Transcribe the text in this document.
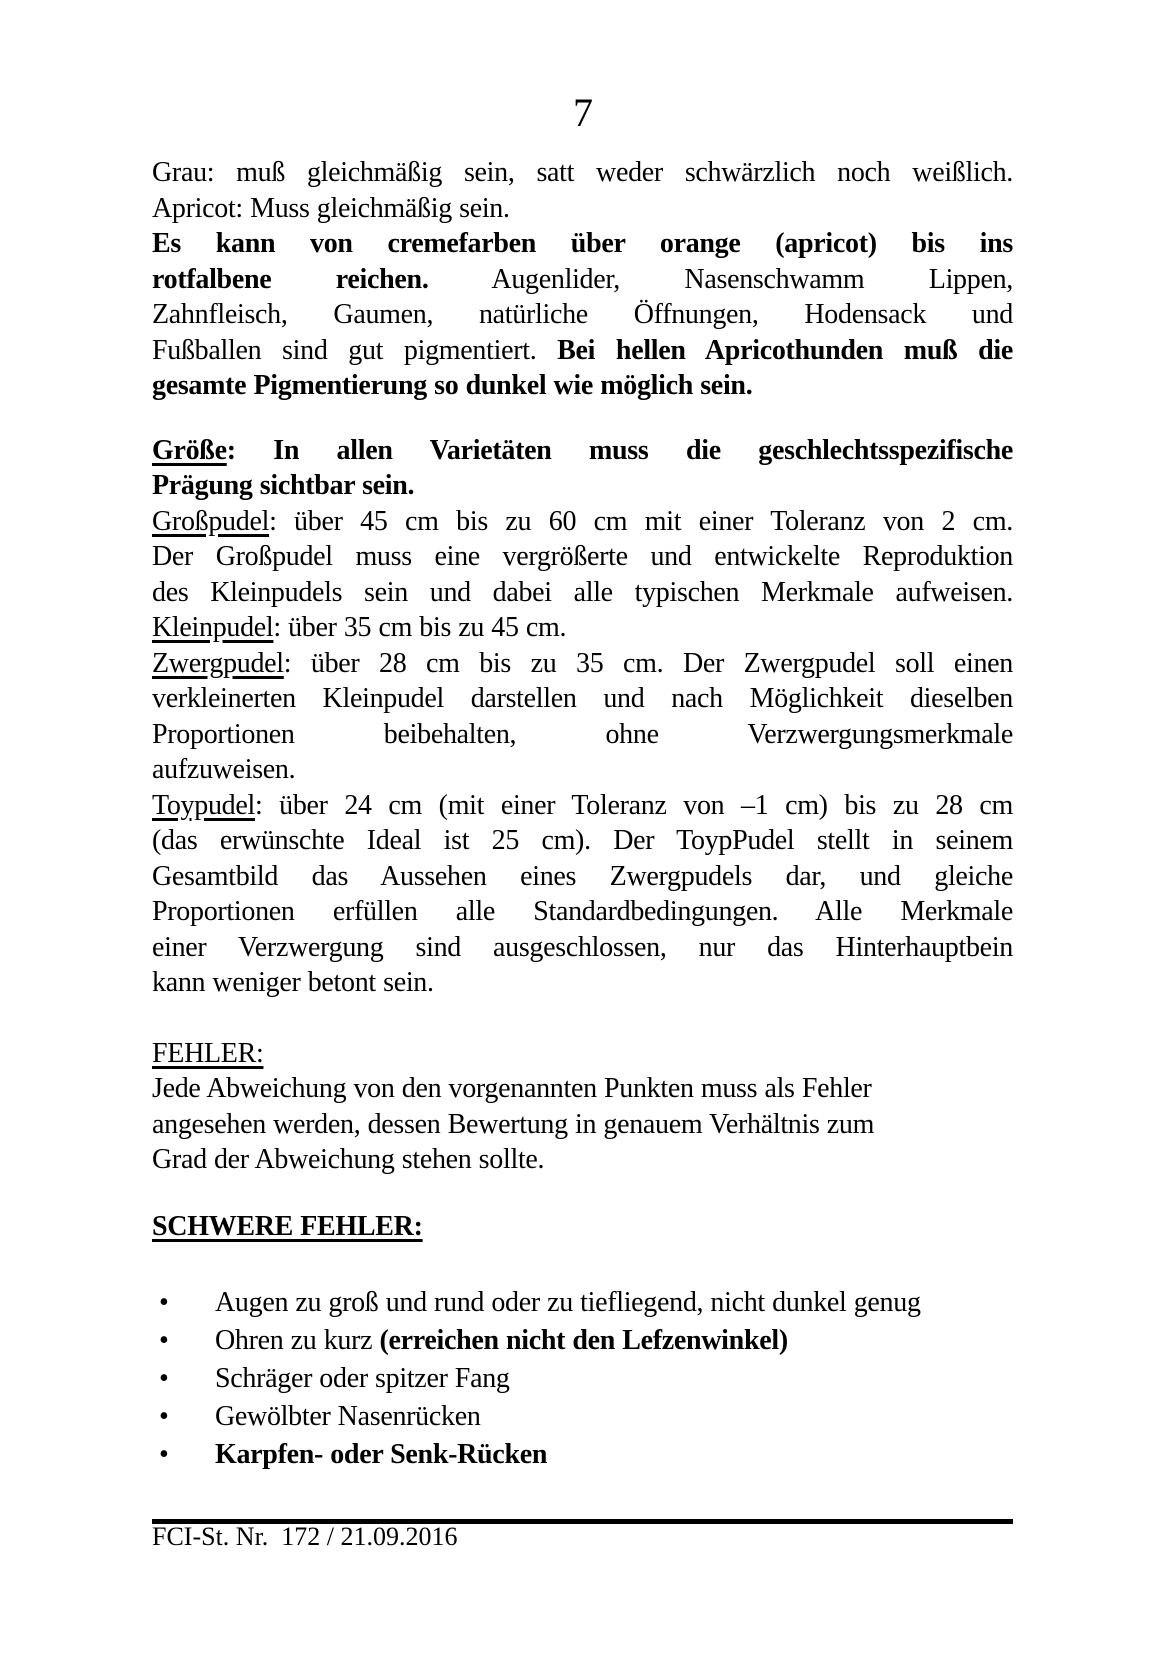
7
Grau: muß gleichmäßig sein, satt weder schwärzlich noch weißlich.
Apricot: Muss gleichmäßig sein.
Es kann von cremefarben über orange (apricot) bis ins
rotfalbene reichen. Augenlider, Nasenschwamm Lippen,
Zahnfleisch, Gaumen, natürliche Öffnungen, Hodensack und
Fußballen sind gut pigmentiert. Bei hellen Apricothunden muß die
gesamte Pigmentierung so dunkel wie möglich sein.
Größe: In allen Varietäten muss die geschlechtsspezifische
Prägung sichtbar sein.
Großpudel: über 45 cm bis zu 60 cm mit einer Toleranz von 2 cm.
Der Großpudel muss eine vergrößerte und entwickelte Reproduktion
des Kleinpudels sein und dabei alle typischen Merkmale aufweisen.
Kleinpudel: über 35 cm bis zu 45 cm.
Zwergpudel: über 28 cm bis zu 35 cm. Der Zwergpudel soll einen
verkleinerten Kleinpudel darstellen und nach Möglichkeit dieselben
Proportionen beibehalten, ohne Verzwergungsmerkmale
aufzuweisen.
Toypudel: über 24 cm (mit einer Toleranz von –1 cm) bis zu 28 cm
(das erwünschte Ideal ist 25 cm). Der ToypPudel stellt in seinem
Gesamtbild das Aussehen eines Zwergpudels dar, und gleiche
Proportionen erfüllen alle Standardbedingungen. Alle Merkmale
einer Verzwergung sind ausgeschlossen, nur das Hinterhauptbein
kann weniger betont sein.
FEHLER:
Jede Abweichung von den vorgenannten Punkten muss als Fehler
angesehen werden, dessen Bewertung in genauem Verhältnis zum
Grad der Abweichung stehen sollte.
SCHWERE FEHLER:
• Augen zu groß und rund oder zu tiefliegend, nicht dunkel genug
• Ohren zu kurz (erreichen nicht den Lefzenwinkel)
• Schräger oder spitzer Fang
• Gewölbter Nasenrücken
• Karpfen- oder Senk-Rücken
FCI-St. Nr.  172 / 21.09.2016
